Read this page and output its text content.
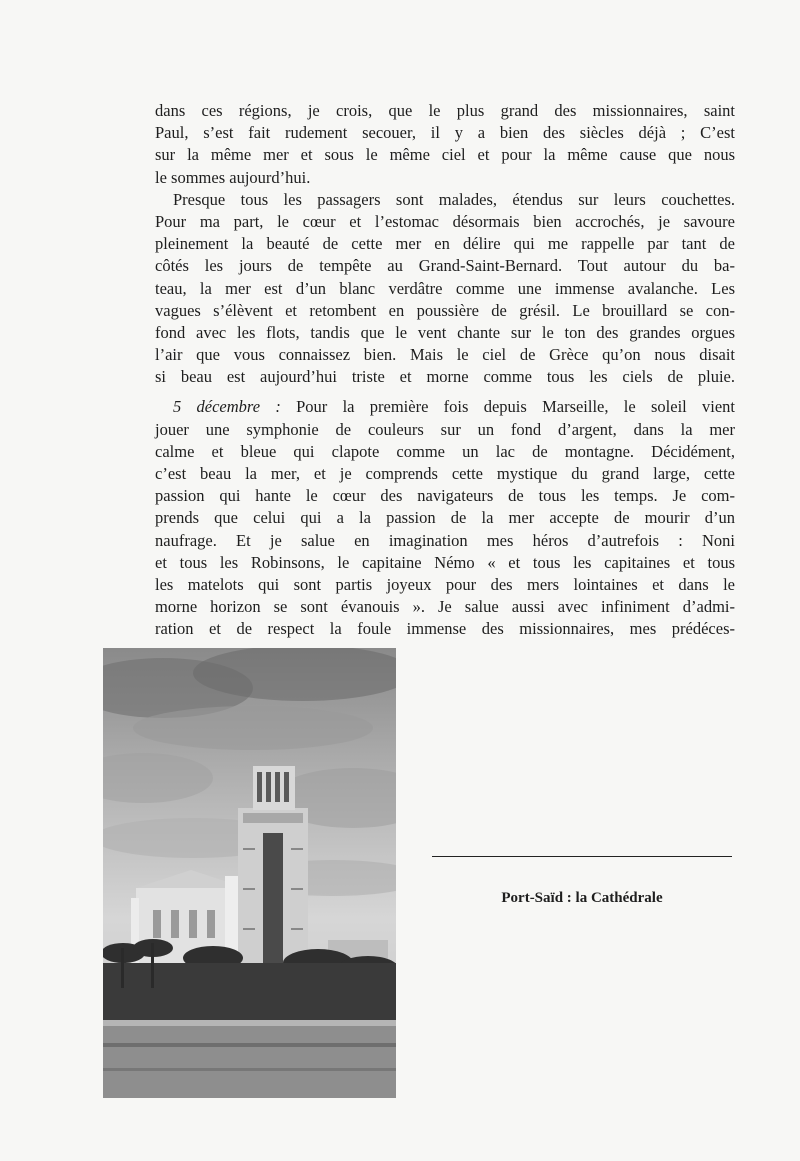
dans ces régions, je crois, que le plus grand des missionnaires, saint
Paul, s’est fait rudement secouer, il y a bien des siècles déjà ; C’est
sur la même mer et sous le même ciel et pour la même cause que nous
le sommes aujourd’hui.
Presque tous les passagers sont malades, étendus sur leurs couchettes.
Pour ma part, le cœur et l’estomac désormais bien accrochés, je savoure
pleinement la beauté de cette mer en délire qui me rappelle par tant de
côtés les jours de tempête au Grand-Saint-Bernard. Tout autour du ba-
teau, la mer est d’un blanc verdâtre comme une immense avalanche. Les
vagues s’élèvent et retombent en poussière de grésil. Le brouillard se con-
fond avec les flots, tandis que le vent chante sur le ton des grandes orgues
l’air que vous connaissez bien. Mais le ciel de Grèce qu’on nous disait
si beau est aujourd’hui triste et morne comme tous les ciels de pluie.
5 décembre : Pour la première fois depuis Marseille, le soleil vient
jouer une symphonie de couleurs sur un fond d’argent, dans la mer
calme et bleue qui clapote comme un lac de montagne. Décidément,
c’est beau la mer, et je comprends cette mystique du grand large, cette
passion qui hante le cœur des navigateurs de tous les temps. Je com-
prends que celui qui a la passion de la mer accepte de mourir d’un
naufrage. Et je salue en imagination mes héros d’autrefois : Noni
et tous les Robinsons, le capitaine Némo « et tous les capitaines et tous
les matelots qui sont partis joyeux pour des mers lointaines et dans le
morne horizon se sont évanouis ». Je salue aussi avec infiniment d’admi-
ration et de respect la foule immense des missionnaires, mes prédéces-
Port-Saïd : la Cathédrale
